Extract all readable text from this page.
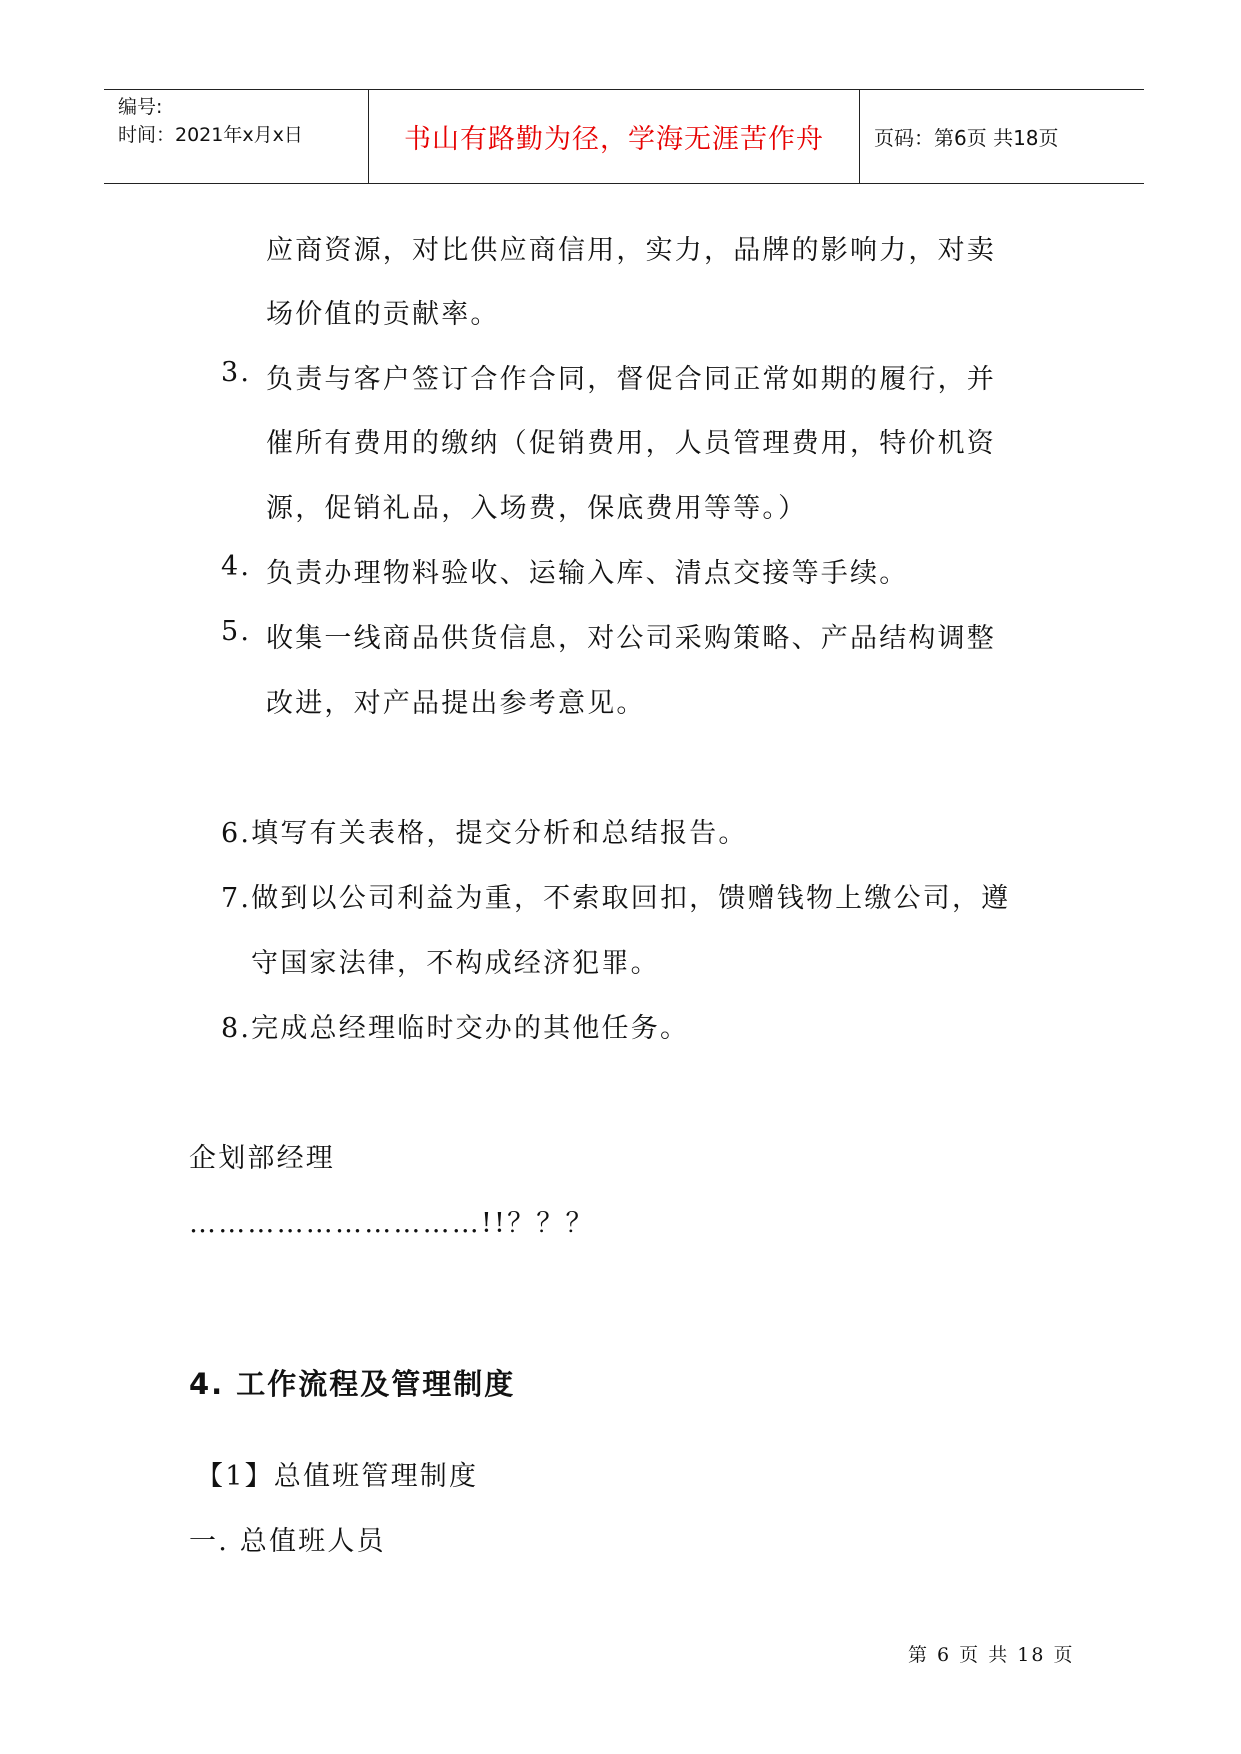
编号:
时间：2021年x月x日	书山有路勤为径，学海无涯苦作舟	页码：第6页 共18页
应商资源，对比供应商信用，实力，品牌的影响力，对卖
场价值的贡献率。
3. 负责与客户签订合作合同，督促合同正常如期的履行，并
催所有费用的缴纳（促销费用，人员管理费用，特价机资
源，促销礼品，入场费，保底费用等等。）
4. 负责办理物料验收、运输入库、清点交接等手续。
5. 收集一线商品供货信息，对公司采购策略、产品结构调整
改进，对产品提出参考意见。
6.填写有关表格，提交分析和总结报告。
7.做到以公司利益为重，不索取回扣，馈赠钱物上缴公司，遵
守国家法律，不构成经济犯罪。
8.完成总经理临时交办的其他任务。
企划部经理
…………………………!!？？？
4. 工作流程及管理制度
【1】总值班管理制度
一. 总值班人员
第 6 页 共 18 页
